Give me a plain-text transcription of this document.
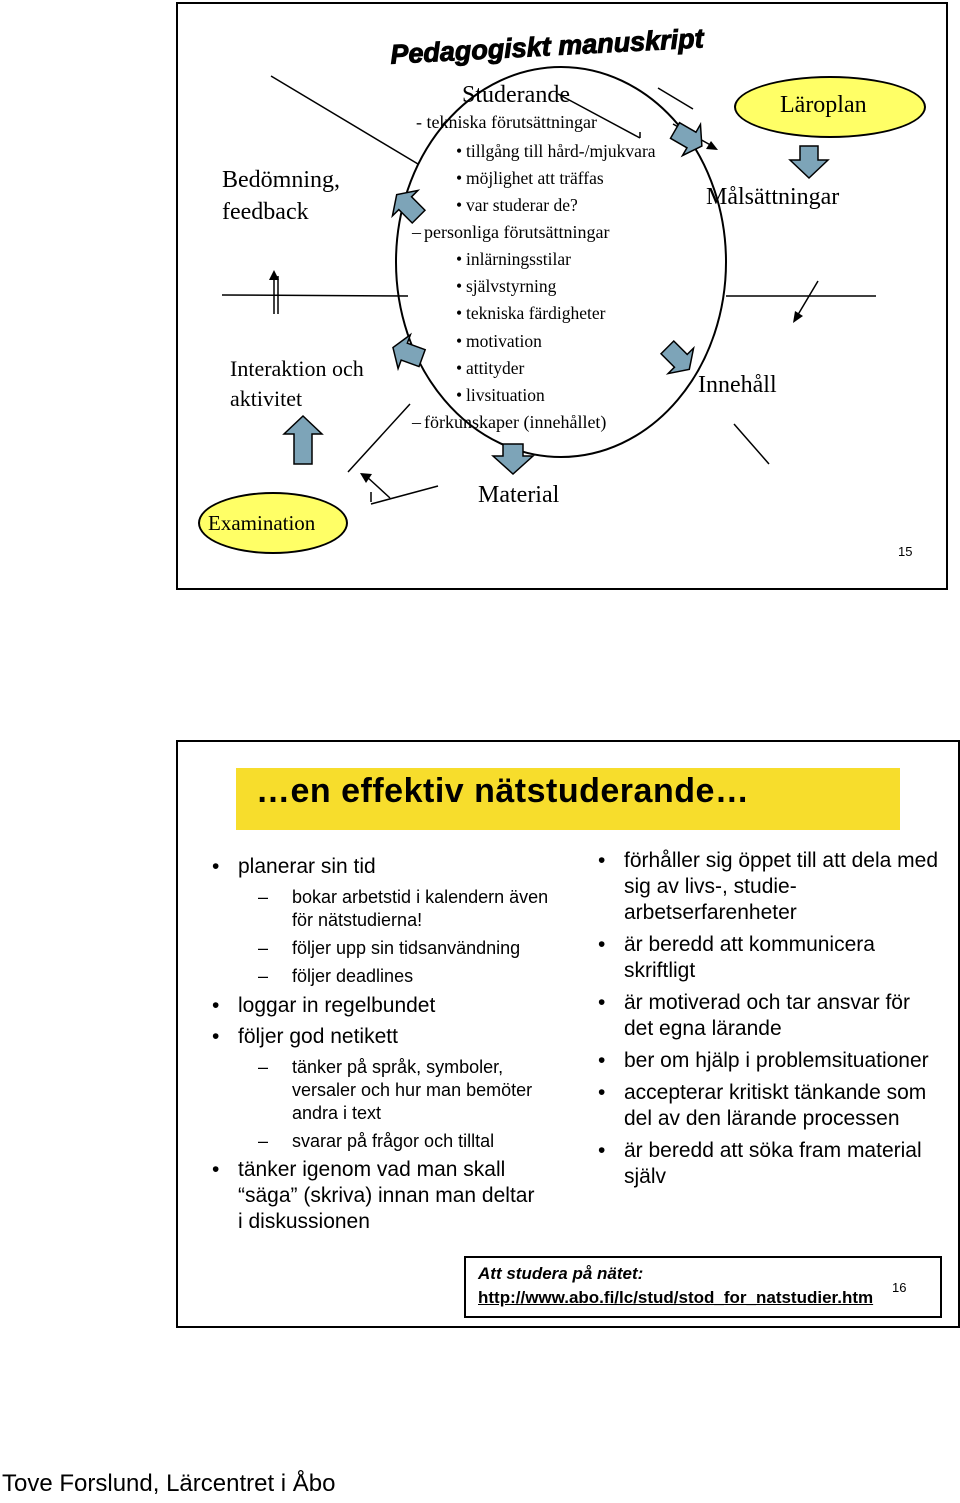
Pedagogiskt manuskript
Studerande
- tekniska förutsättningar
• tillgång till hård-/mjukvara
• möjlighet att träffas
• var studerar de?
– personliga förutsättningar
• inlärningsstilar
• självstyrning
• tekniska färdigheter
• motivation
• attityder
• livsituation
– förkunskaper (innehållet)
Bedömning,
feedback
Interaktion och
aktivitet
Målsättningar
Innehåll
Material
Läroplan
Examination
15
…en effektiv nätstuderande…
• planerar sin tid
– bokar arbetstid i kalendern även för nätstudierna!
– följer upp sin tidsanvändning
– följer deadlines
• loggar in regelbundet
• följer god netikett
– tänker på språk, symboler, versaler och hur man bemöter andra i text
– svarar på frågor och tilltal
• tänker igenom vad man skall “säga” (skriva) innan man deltar i diskussionen
• förhåller sig öppet till att dela med sig av livs-, studie- arbetserfarenheter
• är beredd att kommunicera skriftligt
• är motiverad och tar ansvar för det egna lärande
• ber om hjälp i problemsituationer
• accepterar kritiskt tänkande som del av den lärande processen
• är beredd att söka fram material själv
Att studera på nätet:
http://www.abo.fi/lc/stud/stod_for_natstudier.htm
16
Tove Forslund, Lärcentret i Åbo
